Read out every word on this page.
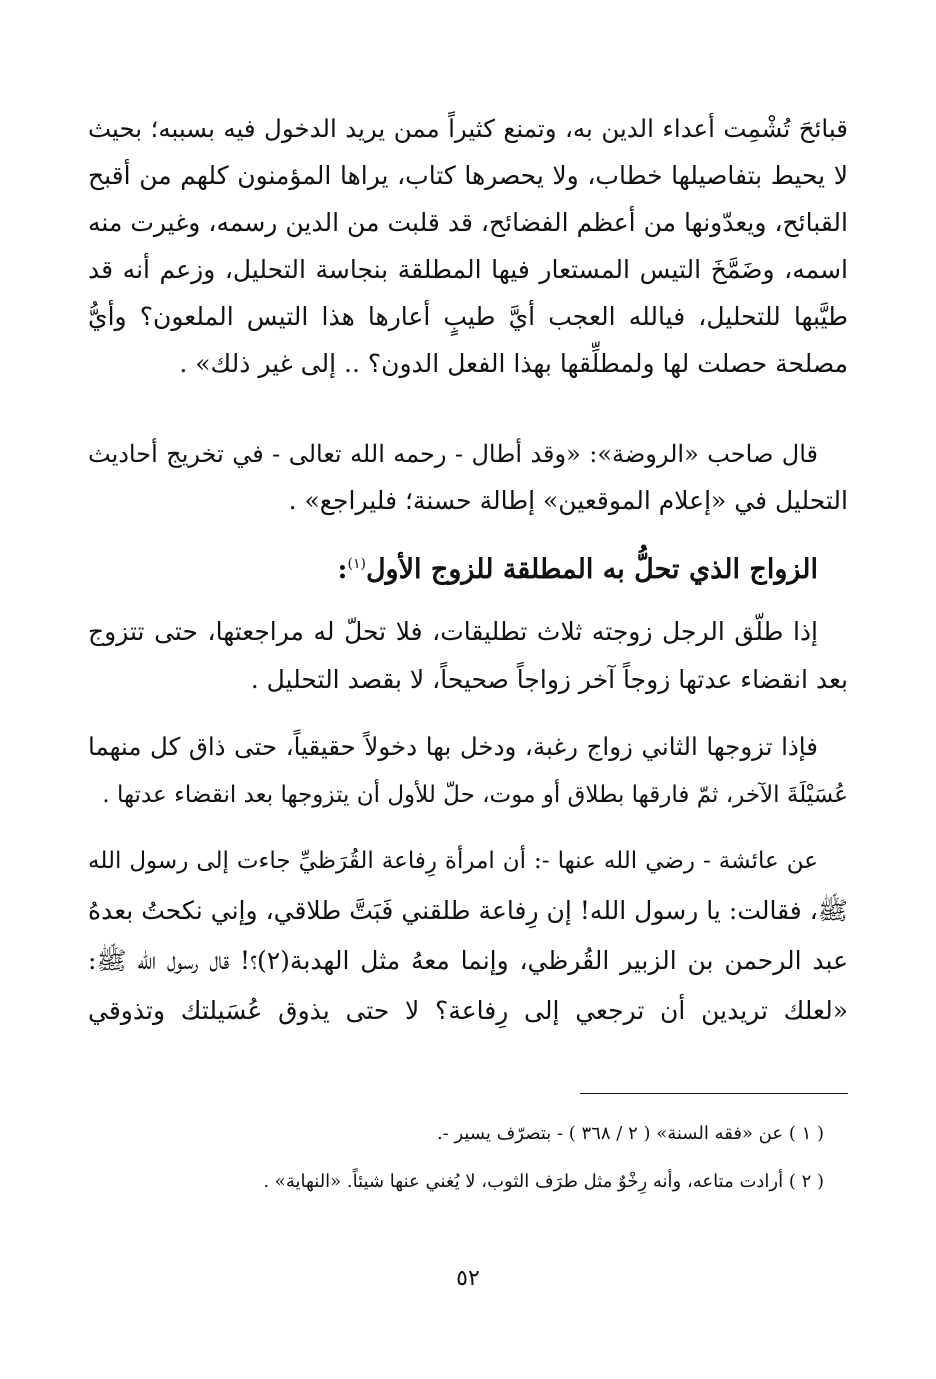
قبائحَ تُشْمِت أعداء الدين به، وتمنع كثيراً ممن يريد الدخول فيه بسببه؛ بحيث
لا يحيط بتفاصيلها خطاب، ولا يحصرها كتاب، يراها المؤمنون كلهم من أقبح
القبائح، ويعدّونها من أعظم الفضائح، قد قلبت من الدين رسمه، وغيرت منه
اسمه، وضَمَّخَ التيس المستعار فيها المطلقة بنجاسة التحليل، وزعم أنه قد
طيَّبها للتحليل، فيالله العجب أيَّ طيبٍ أعارها هذا التيس الملعون؟ وأيُّ
مصلحة حصلت لها ولمطلِّقها بهذا الفعل الدون؟ .. إلى غير ذلك» .
قال صاحب «الروضة»: «وقد أطال - رحمه الله تعالى - في تخريج أحاديث
التحليل في «إعلام الموقعين» إطالة حسنة؛ فليراجع» .
الزواج الذي تحلُّ به المطلقة للزوج الأول$^{(١)}$:
إذا طلّق الرجل زوجته ثلاث تطليقات، فلا تحلّ له مراجعتها، حتى تتزوج
بعد انقضاء عدتها زوجاً آخر زواجاً صحيحاً، لا بقصد التحليل .
فإذا تزوجها الثاني زواج رغبة، ودخل بها دخولاً حقيقياً، حتى ذاق كل منهما
عُسَيْلَةَ الآخر، ثمّ فارقها بطلاق أو موت، حلّ للأول أن يتزوجها بعد انقضاء عدتها .
عن عائشة - رضي الله عنها -: أن امرأة رِفاعة القُرَظيِّ جاءت إلى رسول الله
ﷺ، فقالت: يا رسول الله! إن رِفاعة طلقني فَبَتَّ طلاقي، وإني نكحتُ بعدهُ
عبد الرحمن بن الزبير القُرظي، وإنما معهُ مثل الهدبة(٢)؟! قال رسول الله ﷺ:
«لعلك تريدين أن ترجعي إلى رِفاعة؟ لا حتى يذوق عُسَيلتك وتذوقي
( ١ ) عن «فقه السنة» ( ٢ / ٣٦٨ ) - بتصرّف يسير -.
( ٢ ) أرادت متاعه، وأنه رِخْوٌ مثل طرَف الثوب، لا يُغني عنها شيئاً. «النهاية» .
٥٢
